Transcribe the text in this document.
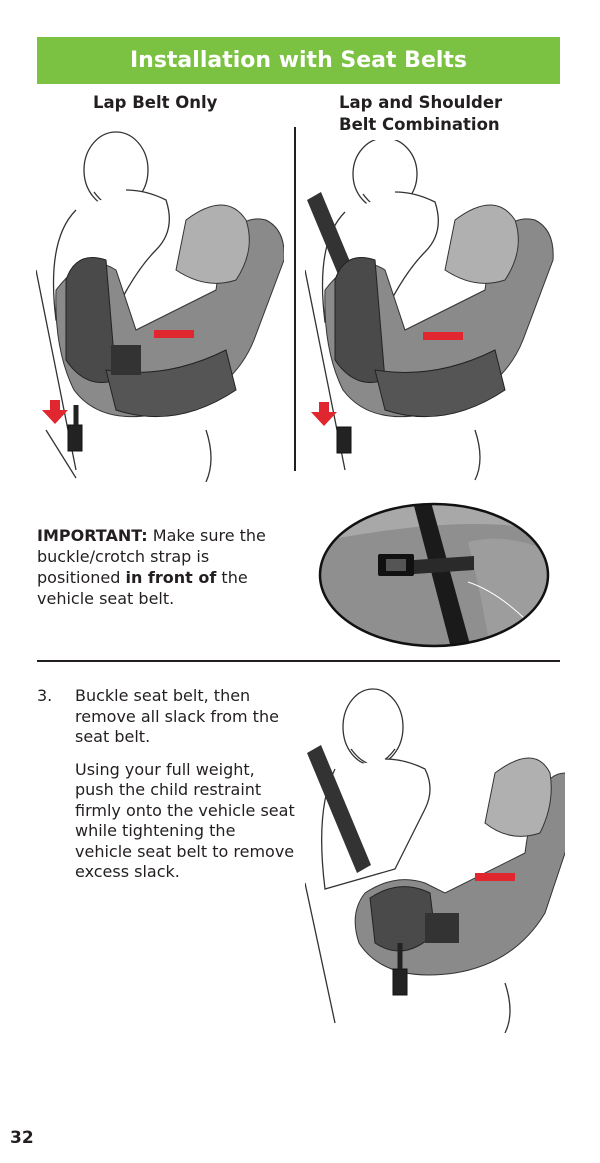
Installation with Seat Belts
Lap Belt Only	Lap and Shoulder
Belt Combination
IMPORTANT: Make sure the buckle/crotch strap is positioned in front of the vehicle seat belt.
3. Buckle seat belt, then remove all slack from the seat belt.

Using your full weight, push the child restraint firmly onto the vehicle seat while tightening the vehicle seat belt to remove excess slack.

32
